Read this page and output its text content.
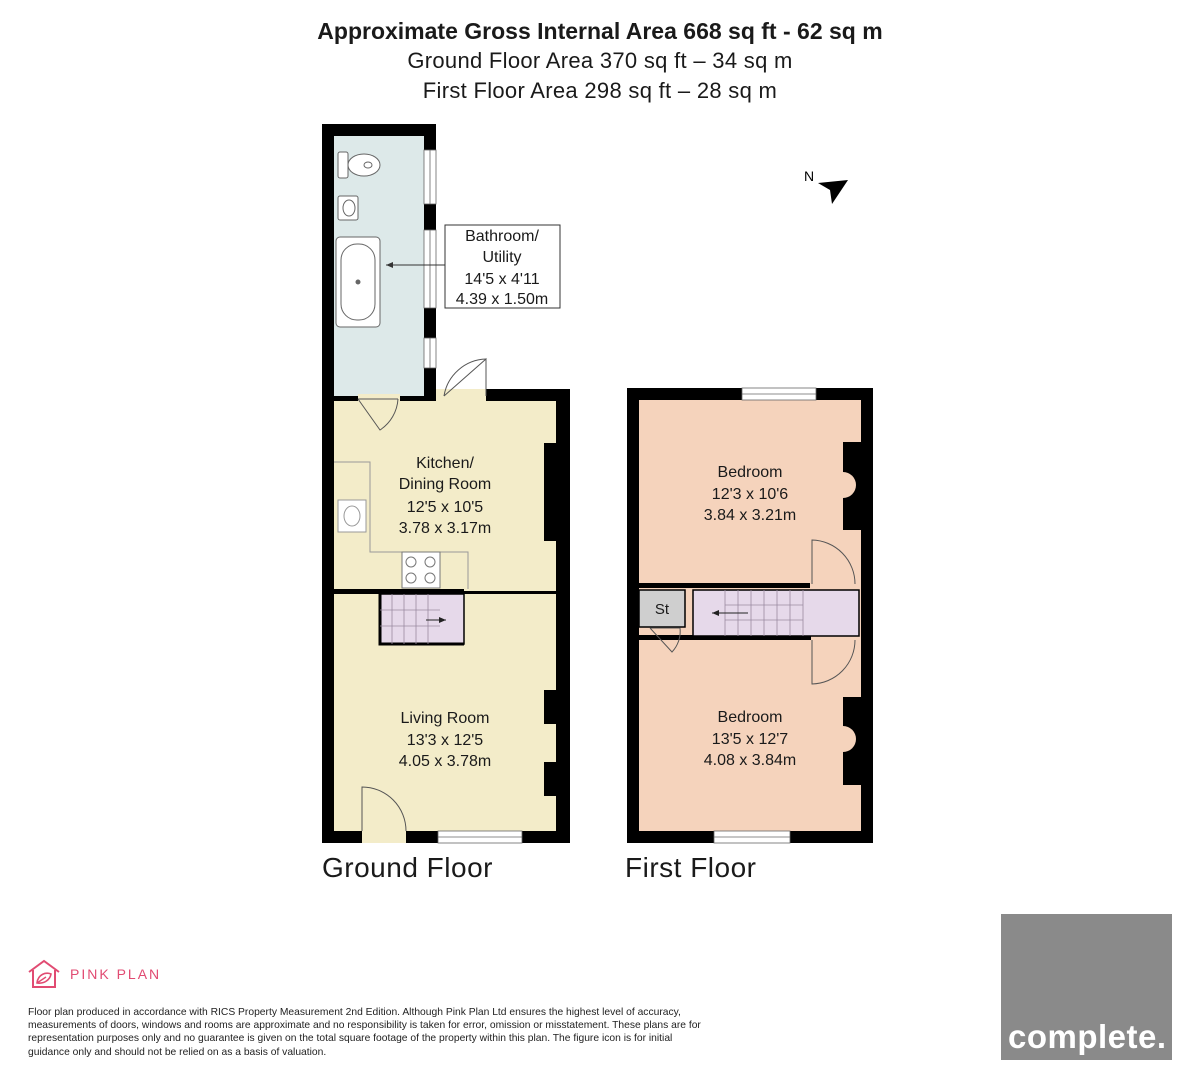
Approximate Gross Internal Area 668 sq ft - 62 sq m
Ground Floor Area 370 sq ft – 34 sq m
First Floor Area 298 sq ft – 28 sq m
Bathroom/
Utility
14'5 x 4'11
4.39 x 1.50m
Kitchen/
Dining Room
12'5 x 10'5
3.78 x 3.17m
Living Room
13'3 x 12'5
4.05 x 3.78m
St
Bedroom
12'3 x 10'6
3.84 x 3.21m
Bedroom
13'5 x 12'7
4.08 x 3.84m
N
Ground Floor	First Floor
PINK PLAN
Floor plan produced in accordance with RICS Property Measurement 2nd Edition. Although Pink Plan Ltd ensures the highest level of accuracy, measurements of doors, windows and rooms are approximate and no responsibility is taken for error, omission or misstatement. These plans are for representation purposes only and no guarantee is given on the total square footage of the property within this plan. The figure icon is for initial guidance only and should not be relied on as a basis of valuation.	complete.
